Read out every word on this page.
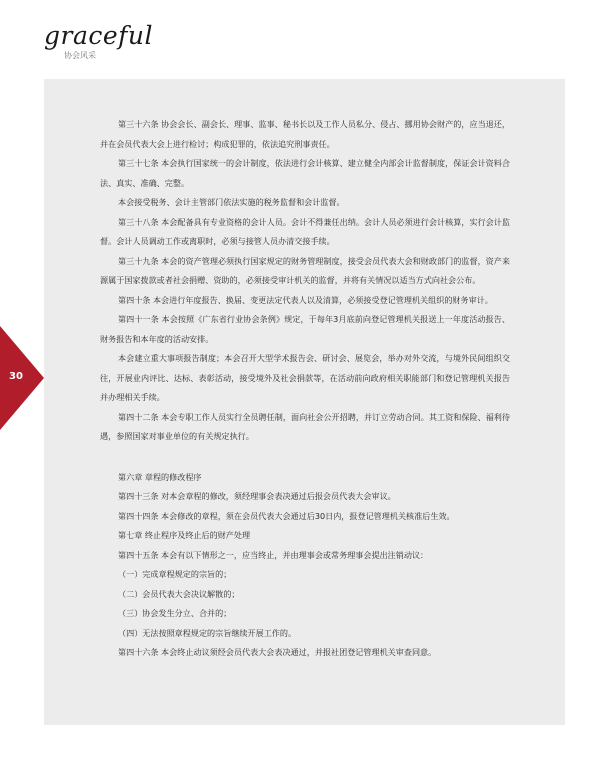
graceful
协会风采
30

第三十六条 协会会长、副会长、理事、监事、秘书长以及工作人员私分、侵占、挪用协会财产的，应当退还，并在会员代表大会上进行检讨；构成犯罪的，依法追究刑事责任。

第三十七条 本会执行国家统一的会计制度，依法进行会计核算、建立健全内部会计监督制度，保证会计资料合法、真实、准确、完整。

本会接受税务、会计主管部门依法实施的税务监督和会计监督。

第三十八条 本会配备具有专业资格的会计人员。会计不得兼任出纳。会计人员必须进行会计核算，实行会计监督。会计人员调动工作或离职时，必须与接管人员办清交接手续。

第三十九条 本会的资产管理必须执行国家规定的财务管理制度，接受会员代表大会和财政部门的监督，资产来源属于国家拨款或者社会捐赠、资助的，必须接受审计机关的监督，并将有关情况以适当方式向社会公布。

第四十条 本会进行年度报告、换届、变更法定代表人以及清算，必须接受登记管理机关组织的财务审计。

第四十一条 本会按照《广东省行业协会条例》规定，于每年3月底前向登记管理机关报送上一年度活动报告、财务报告和本年度的活动安排。

本会建立重大事项报告制度；本会召开大型学术报告会、研讨会、展览会，举办对外交流，与境外民间组织交往，开展业内评比、达标、表彰活动，接受境外及社会捐款等，在活动前向政府相关职能部门和登记管理机关报告并办理相关手续。

第四十二条 本会专职工作人员实行全员聘任制，面向社会公开招聘，并订立劳动合同。其工资和保险、福利待遇，参照国家对事业单位的有关规定执行。

第六章 章程的修改程序

第四十三条 对本会章程的修改，须经理事会表决通过后报会员代表大会审议。

第四十四条 本会修改的章程，须在会员代表大会通过后30日内，报登记管理机关核准后生效。

第七章 终止程序及终止后的财产处理

第四十五条 本会有以下情形之一，应当终止，并由理事会或常务理事会提出注销动议：

（一）完成章程规定的宗旨的；

（二）会员代表大会决议解散的；

（三）协会发生分立、合并的；

（四）无法按照章程规定的宗旨继续开展工作的。

第四十六条 本会终止动议须经会员代表大会表决通过，并报社团登记管理机关审查同意。
